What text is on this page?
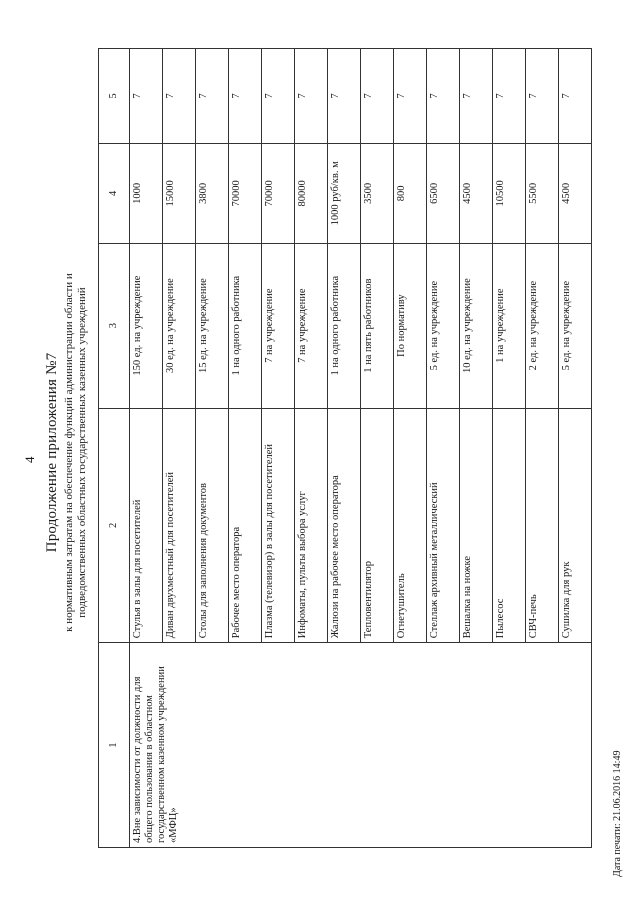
4 Продолжение приложения №7 к нормативным затратам на обеспечение функций администрации области и подведомственных областных государственных казенных учреждений
1	2	3	4	5
4.Вне зависимости от должности для общего пользования в областном государственном казенном учреждении «МФЦ»	Стулья в залы для посетителей	150 ед. на учреждение	1000	7
	Диван двухместный для посетителей	30 ед. на учреждение	15000	7
	Столы для заполнения документов	15 ед. на учреждение	3800	7
	Рабочее место оператора	1 на одного работника	70000	7
	Плазма (телевизор) в залы для посетителей	7 на учреждение	70000	7
	Инфоматы, пульты выбора услуг	7 на учреждение	80000	7
	Жалюзи на рабочее место оператора	1 на одного работника	1000 руб/кв. м	7
	Тепловентилятор	1 на пять работников	3500	7
	Огнетушитель	По нормативу	800	7
	Стеллаж архивный металлический	5 ед. на учреждение	6500	7
	Вешалка на ножке	10 ед. на учреждение	4500	7
	Пылесос	1 на учреждение	10500	7
	СВЧ-печь	2 ед. на учреждение	5500	7
	Сушилка для рук	5 ед. на учреждение	4500	7
Дата печати: 21.06.2016 14:49
